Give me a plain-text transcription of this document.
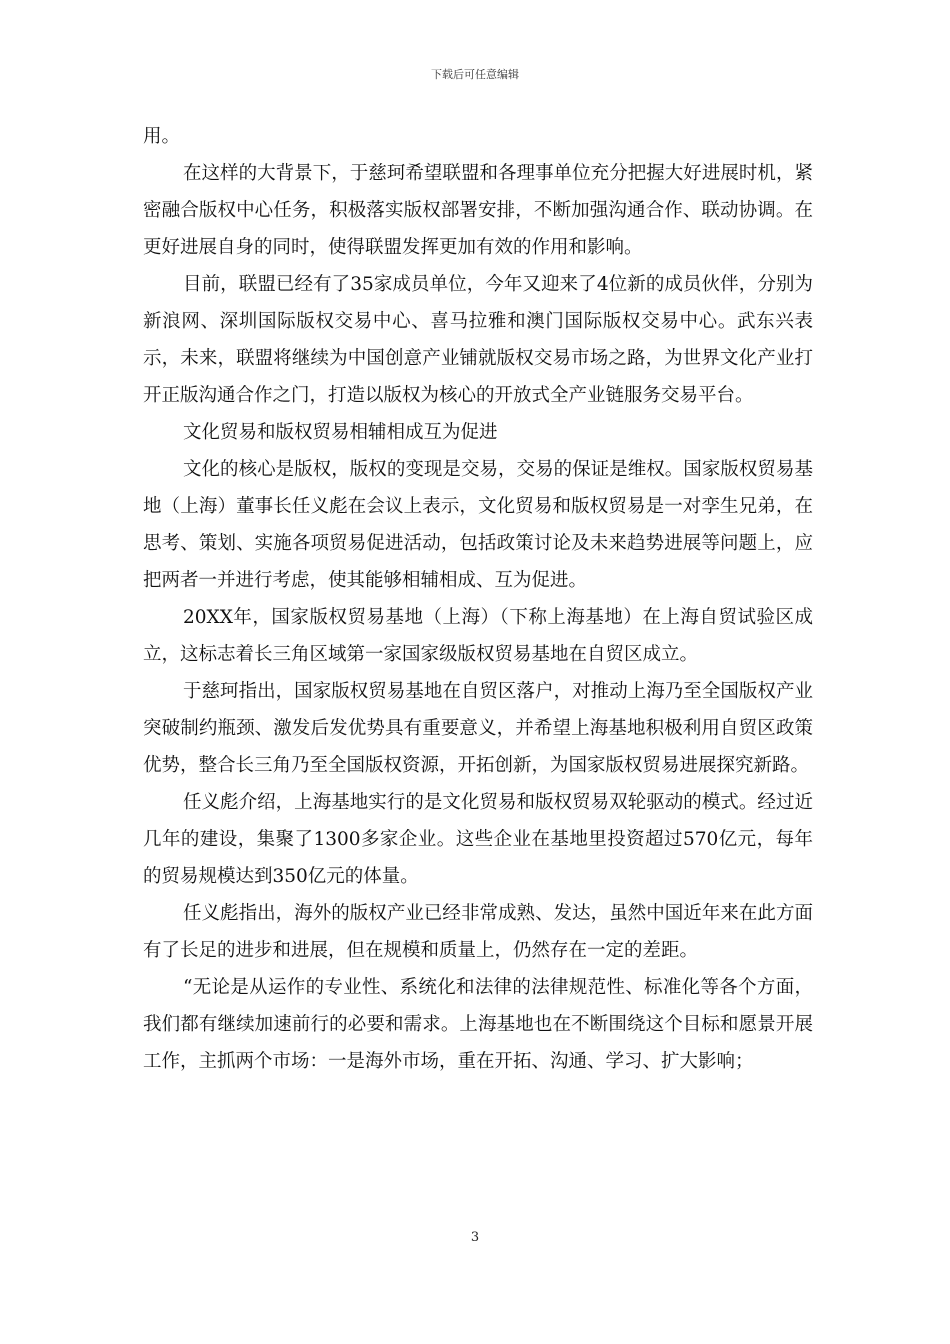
下载后可任意编辑

用。

在这样的大背景下，于慈珂希望联盟和各理事单位充分把握大好进展时机，紧密融合版权中心任务，积极落实版权部署安排，不断加强沟通合作、联动协调。在更好进展自身的同时，使得联盟发挥更加有效的作用和影响。

目前，联盟已经有了35家成员单位，今年又迎来了4位新的成员伙伴，分别为新浪网、深圳国际版权交易中心、喜马拉雅和澳门国际版权交易中心。武东兴表示，未来，联盟将继续为中国创意产业铺就版权交易市场之路，为世界文化产业打开正版沟通合作之门，打造以版权为核心的开放式全产业链服务交易平台。

文化贸易和版权贸易相辅相成互为促进

文化的核心是版权，版权的变现是交易，交易的保证是维权。国家版权贸易基地（上海）董事长任义彪在会议上表示，文化贸易和版权贸易是一对孪生兄弟，在思考、策划、实施各项贸易促进活动，包括政策讨论及未来趋势进展等问题上，应把两者一并进行考虑，使其能够相辅相成、互为促进。

20XX年，国家版权贸易基地（上海）（下称上海基地）在上海自贸试验区成立，这标志着长三角区域第一家国家级版权贸易基地在自贸区成立。

于慈珂指出，国家版权贸易基地在自贸区落户，对推动上海乃至全国版权产业突破制约瓶颈、激发后发优势具有重要意义，并希望上海基地积极利用自贸区政策优势，整合长三角乃至全国版权资源，开拓创新，为国家版权贸易进展探究新路。

任义彪介绍，上海基地实行的是文化贸易和版权贸易双轮驱动的模式。经过近几年的建设，集聚了1300多家企业。这些企业在基地里投资超过570亿元，每年的贸易规模达到350亿元的体量。

任义彪指出，海外的版权产业已经非常成熟、发达，虽然中国近年来在此方面有了长足的进步和进展，但在规模和质量上，仍然存在一定的差距。

“无论是从运作的专业性、系统化和法律的法律规范性、标准化等各个方面，我们都有继续加速前行的必要和需求。上海基地也在不断围绕这个目标和愿景开展工作，主抓两个市场：一是海外市场，重在开拓、沟通、学习、扩大影响；

3
